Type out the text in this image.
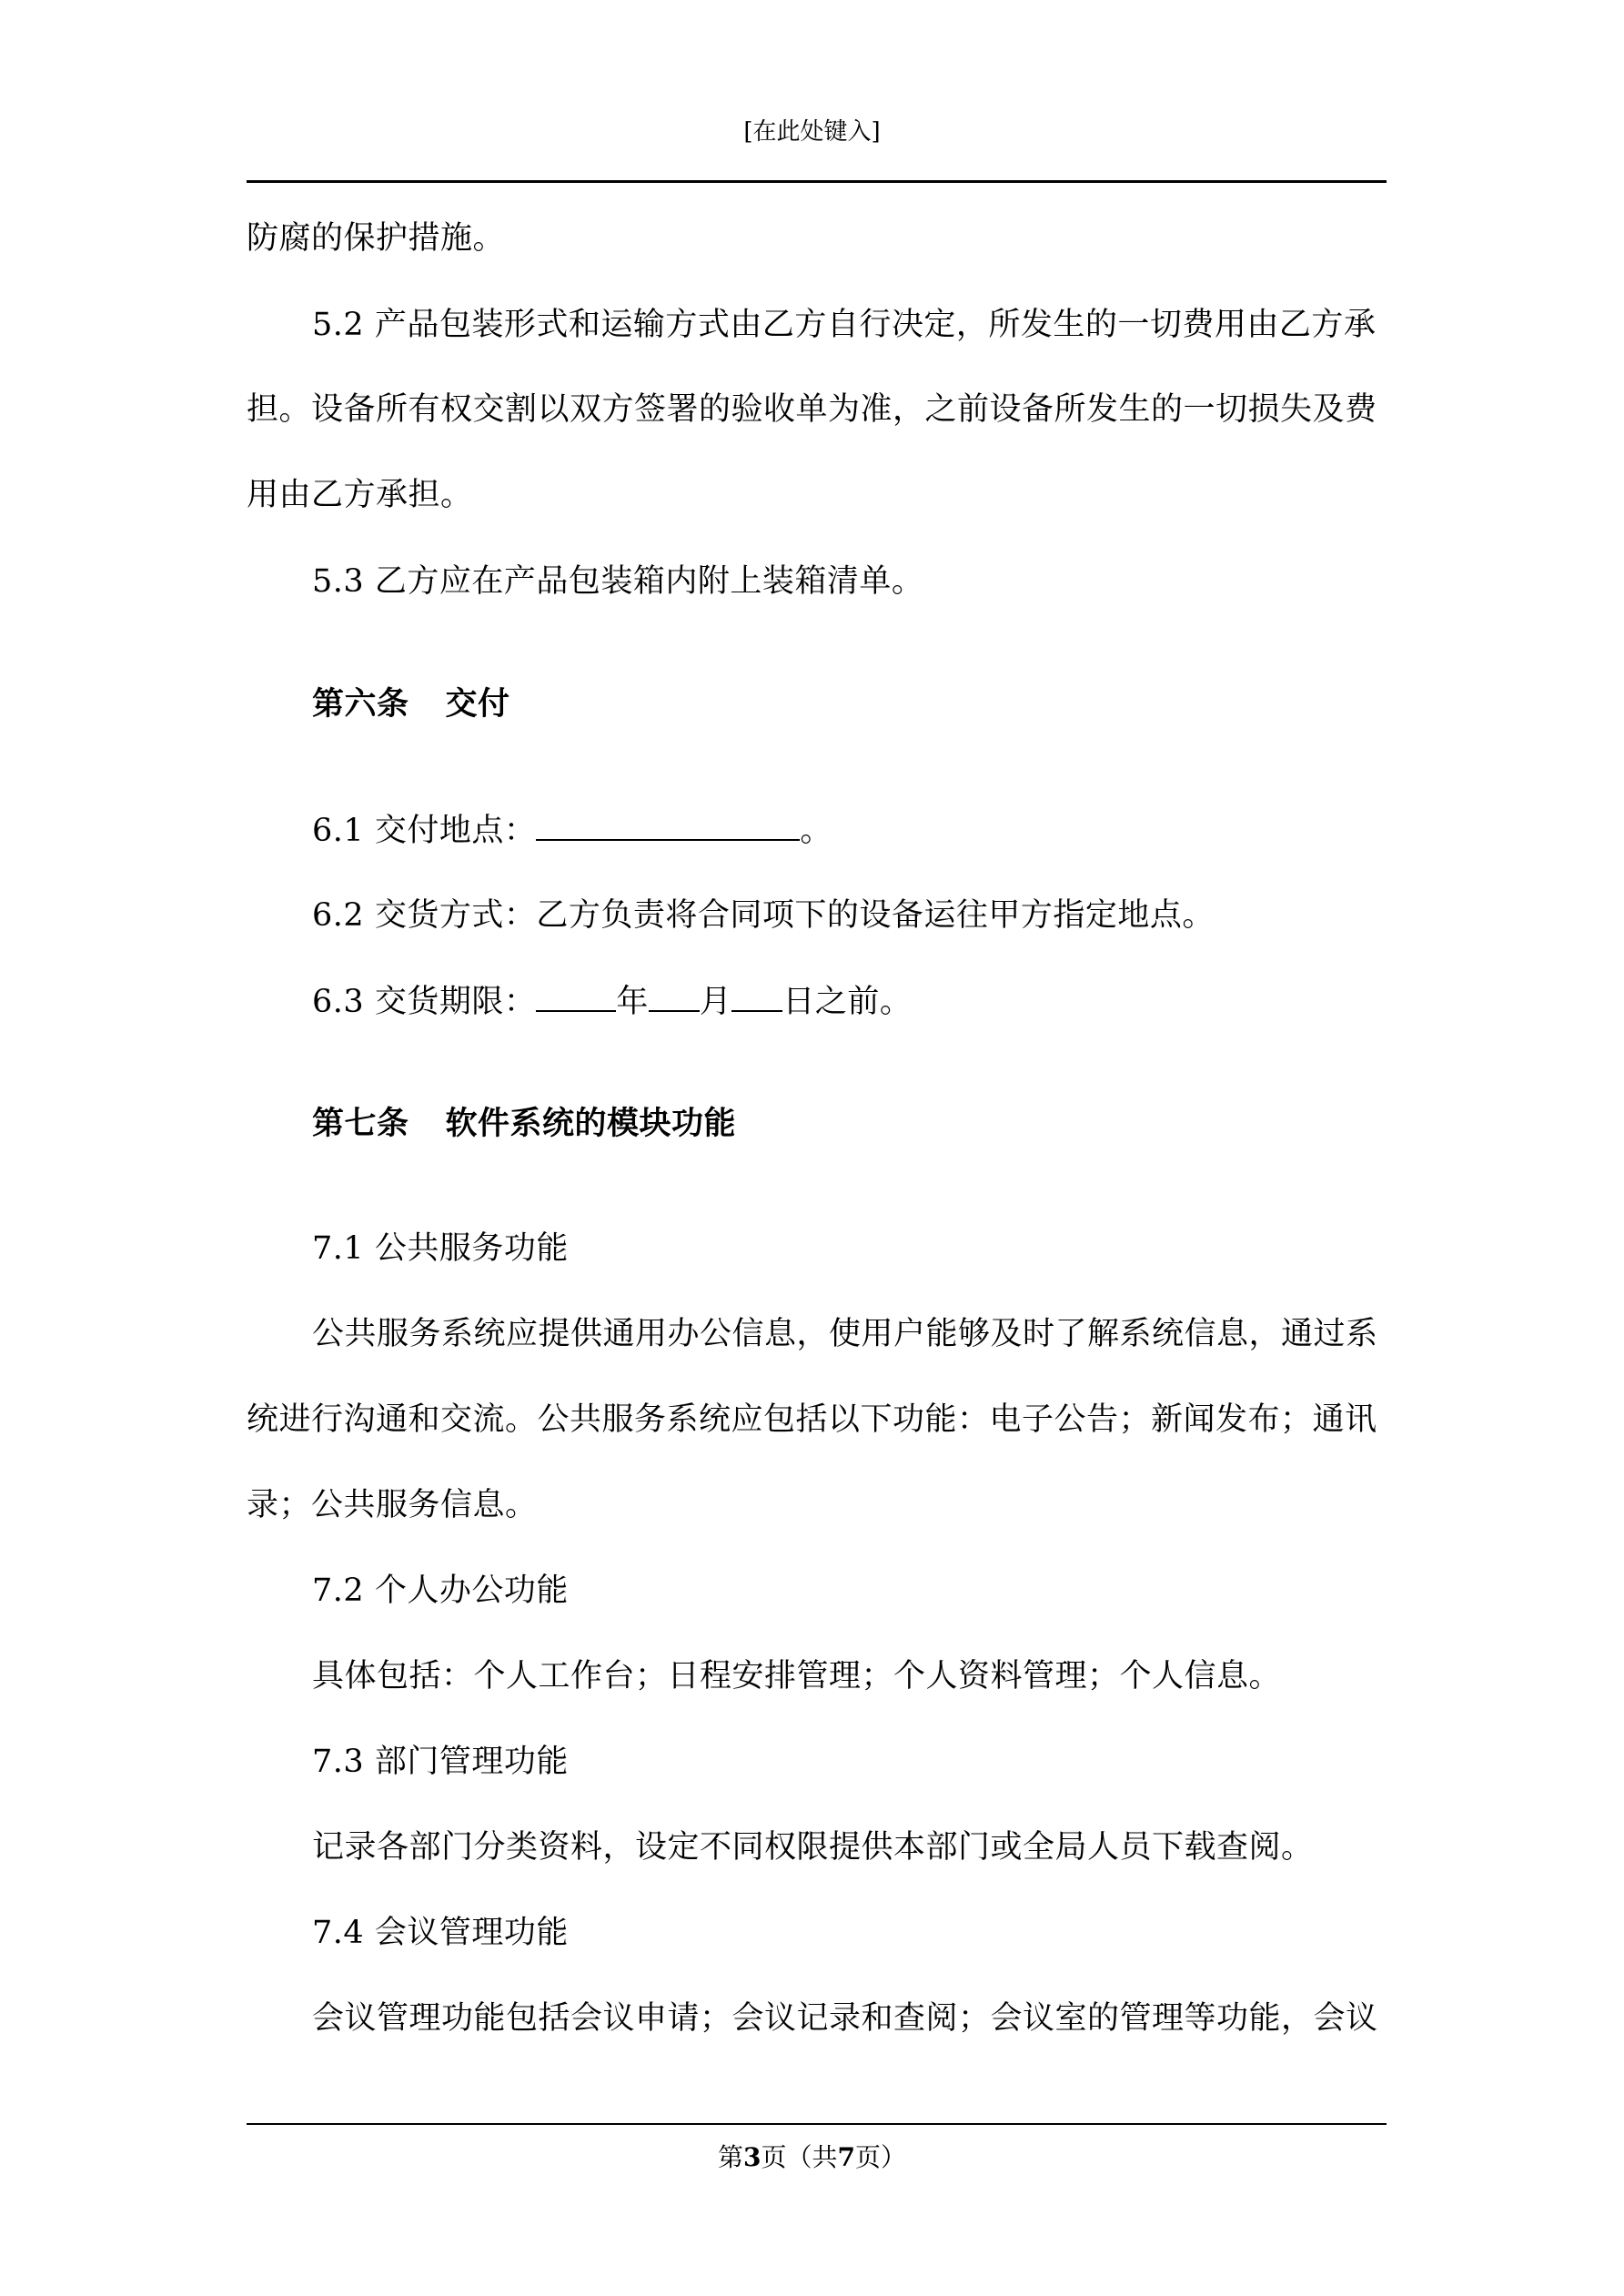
[在此处键入]
防腐的保护措施。
5.2 产品包装形式和运输方式由乙方自行决定，所发生的一切费用由乙方承
担。设备所有权交割以双方签署的验收单为准，之前设备所发生的一切损失及费
用由乙方承担。
5.3 乙方应在产品包装箱内附上装箱清单。
第六条 交付
6.1 交付地点：	。
6.2 交货方式：乙方负责将合同项下的设备运往甲方指定地点。
6.3 交货期限：	年 月 日之前。
第七条 软件系统的模块功能
7.1 公共服务功能
公共服务系统应提供通用办公信息，使用户能够及时了解系统信息，通过系
统进行沟通和交流。公共服务系统应包括以下功能：电子公告；新闻发布；通讯
录；公共服务信息。
7.2 个人办公功能
具体包括：个人工作台；日程安排管理；个人资料管理；个人信息。
7.3 部门管理功能
记录各部门分类资料，设定不同权限提供本部门或全局人员下载查阅。
7.4 会议管理功能
会议管理功能包括会议申请；会议记录和查阅；会议室的管理等功能，会议
第3页（共7页）
